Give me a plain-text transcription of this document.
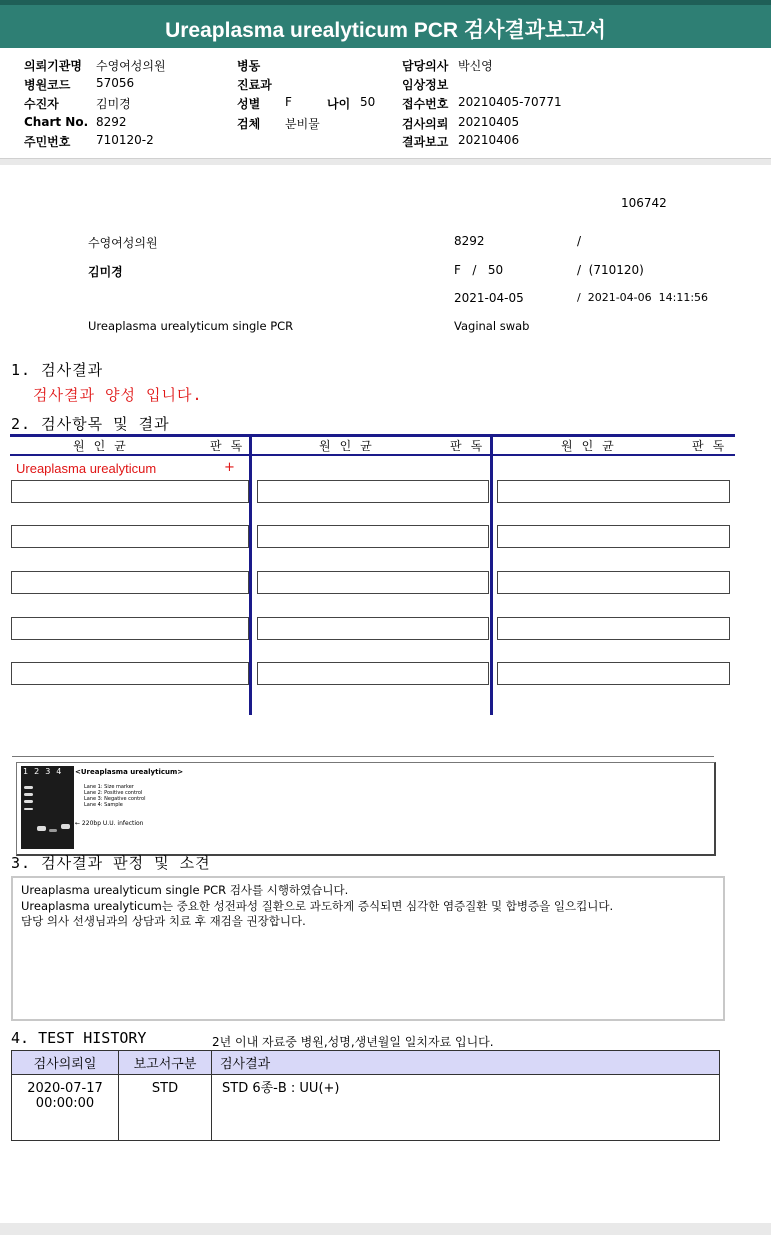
Ureaplasma urealyticum PCR 검사결과보고서
의뢰기관명 수영여성의원
병원코드 57056
수진자	김미경
Chart No. 8292
주민번호 710120-2
병동
진료과
성별 F	나이 50
검체 분비물
담당의사 박신영
임상정보
접수번호 20210405-70771
검사의뢰 20210405
결과보고 20210406
106742
수영여성의원	8292	/
김미경	F   /   50	/  (710120)
2021-04-05	/  2021-04-06  14:11:56
Ureaplasma urealyticum single PCR	Vaginal swab
1. 검사결과
검사결과 양성 입니다.
2. 검사항목 및 결과
원인균	판독	원인균	판독	원인균	판독
Ureaplasma urealyticum	+
1234 <Ureaplasma urealyticum>
Lane 1: Size marker
Lane 2: Positive control
Lane 3: Negative control
Lane 4: Sample
← 220bp U.U. infection
3. 검사결과 판정 및 소견
Ureaplasma urealyticum single PCR 검사를 시행하였습니다.
Ureaplasma urealyticum는 중요한 성전파성 질환으로 과도하게 증식되면 심각한 염증질환 및 합병증을 일으킵니다.
담당 의사 선생님과의 상담과 치료 후 재검을 권장합니다.
4. TEST HISTORY	2년 이내 자료중 병원,성명,생년월일 일치자료 입니다.
검사의뢰일	보고서구분	검사결과

2020-07-17
00:00:00	STD	STD 6종-B : UU(+)
